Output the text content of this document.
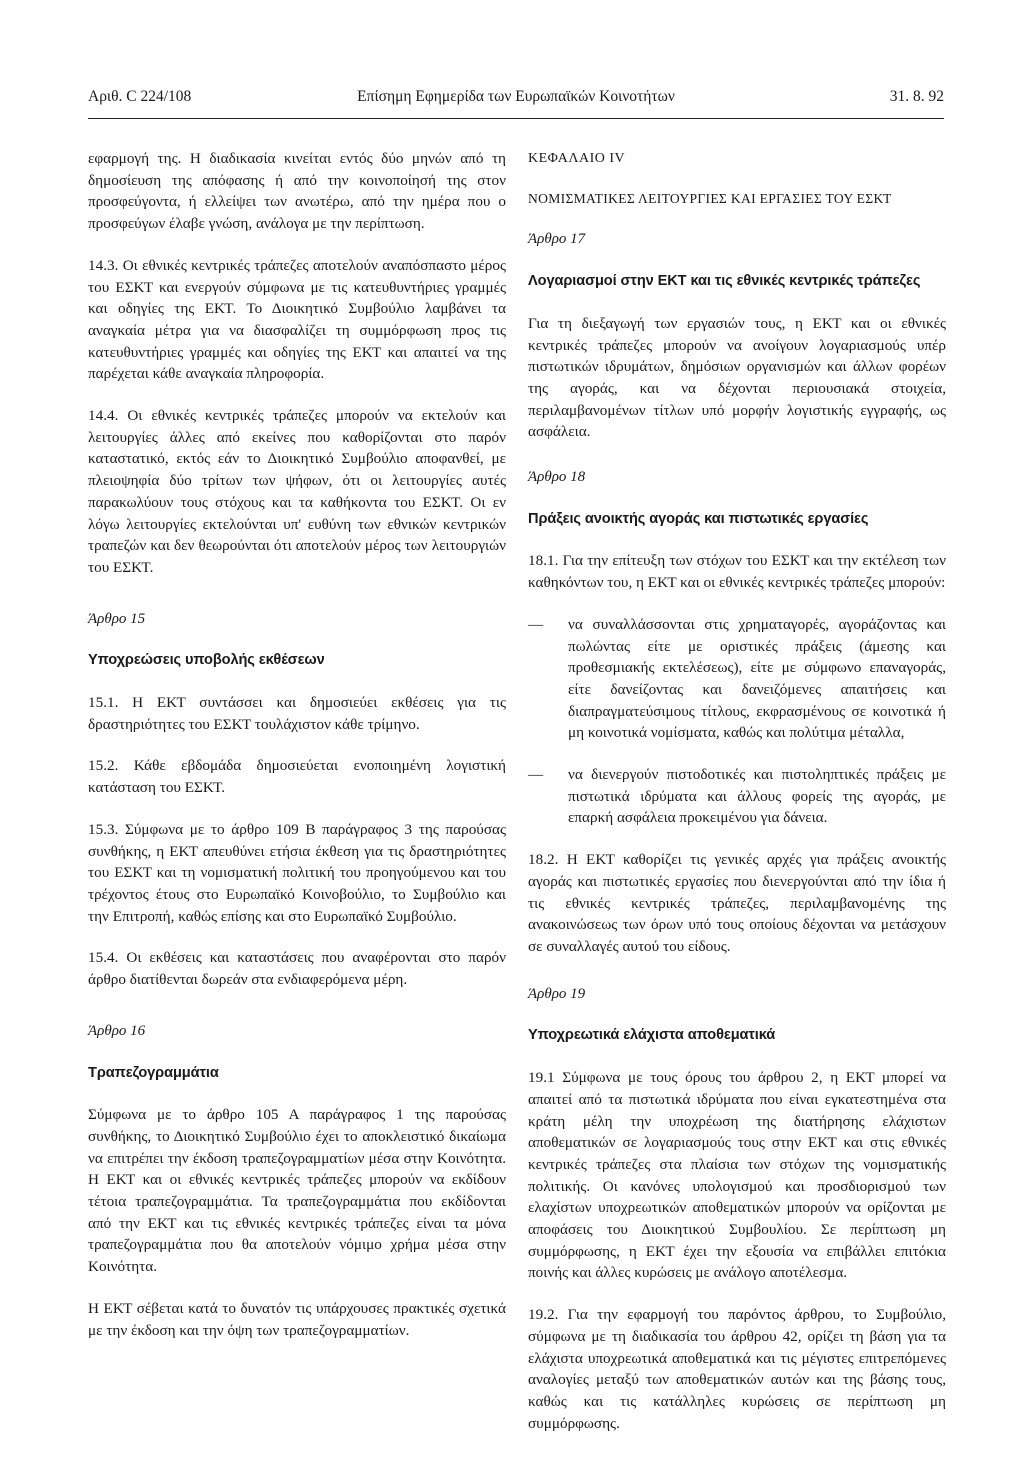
Αριθ. C 224/108	Επίσημη Εφημερίδα των Ευρωπαϊκών Κοινοτήτων	31. 8. 92

εφαρμογή της. Η διαδικασία κινείται εντός δύο μηνών από τη δημοσίευση της απόφασης ή από την κοινοποίησή της στον προσφεύγοντα, ή ελλείψει των ανωτέρω, από την ημέρα που ο προσφεύγων έλαβε γνώση, ανάλογα με την περίπτωση.

14.3. Οι εθνικές κεντρικές τράπεζες αποτελούν αναπόσπαστο μέρος του ΕΣΚΤ και ενεργούν σύμφωνα με τις κατευθυντήριες γραμμές και οδηγίες της ΕΚΤ. Το Διοικητικό Συμβούλιο λαμβάνει τα αναγκαία μέτρα για να διασφαλίζει τη συμμόρφωση προς τις κατευθυντήριες γραμμές και οδηγίες της ΕΚΤ και απαιτεί να της παρέχεται κάθε αναγκαία πληροφορία.

14.4. Οι εθνικές κεντρικές τράπεζες μπορούν να εκτελούν και λειτουργίες άλλες από εκείνες που καθορίζονται στο παρόν καταστατικό, εκτός εάν το Διοικητικό Συμβούλιο αποφανθεί, με πλειοψηφία δύο τρίτων των ψήφων, ότι οι λειτουργίες αυτές παρακωλύουν τους στόχους και τα καθήκοντα του ΕΣΚΤ. Οι εν λόγω λειτουργίες εκτελούνται υπ' ευθύνη των εθνικών κεντρικών τραπεζών και δεν θεωρούνται ότι αποτελούν μέρος των λειτουργιών του ΕΣΚΤ.

Άρθρο 15

Υποχρεώσεις υποβολής εκθέσεων

15.1. Η ΕΚΤ συντάσσει και δημοσιεύει εκθέσεις για τις δραστηριότητες του ΕΣΚΤ τουλάχιστον κάθε τρίμηνο.

15.2. Κάθε εβδομάδα δημοσιεύεται ενοποιημένη λογιστική κατάσταση του ΕΣΚΤ.

15.3. Σύμφωνα με το άρθρο 109 Β παράγραφος 3 της παρούσας συνθήκης, η ΕΚΤ απευθύνει ετήσια έκθεση για τις δραστηριότητες του ΕΣΚΤ και τη νομισματική πολιτική του προηγούμενου και του τρέχοντος έτους στο Ευρωπαϊκό Κοινοβούλιο, το Συμβούλιο και την Επιτροπή, καθώς επίσης και στο Ευρωπαϊκό Συμβούλιο.

15.4. Οι εκθέσεις και καταστάσεις που αναφέρονται στο παρόν άρθρο διατίθενται δωρεάν στα ενδιαφερόμενα μέρη.

Άρθρο 16

Τραπεζογραμμάτια

Σύμφωνα με το άρθρο 105 Α παράγραφος 1 της παρούσας συνθήκης, το Διοικητικό Συμβούλιο έχει το αποκλειστικό δικαίωμα να επιτρέπει την έκδοση τραπεζογραμματίων μέσα στην Κοινότητα. Η ΕΚΤ και οι εθνικές κεντρικές τράπεζες μπορούν να εκδίδουν τέτοια τραπεζογραμμάτια. Τα τραπεζογραμμάτια που εκδίδονται από την ΕΚΤ και τις εθνικές κεντρικές τράπεζες είναι τα μόνα τραπεζογραμμάτια που θα αποτελούν νόμιμο χρήμα μέσα στην Κοινότητα.

Η ΕΚΤ σέβεται κατά το δυνατόν τις υπάρχουσες πρακτικές σχετικά με την έκδοση και την όψη των τραπεζογραμματίων.

ΚΕΦΑΛΑΙΟ IV

ΝΟΜΙΣΜΑΤΙΚΕΣ ΛΕΙΤΟΥΡΓΙΕΣ ΚΑΙ ΕΡΓΑΣΙΕΣ ΤΟΥ ΕΣΚΤ

Άρθρο 17

Λογαριασμοί στην ΕΚΤ και τις εθνικές κεντρικές τράπεζες

Για τη διεξαγωγή των εργασιών τους, η ΕΚΤ και οι εθνικές κεντρικές τράπεζες μπορούν να ανοίγουν λογαριασμούς υπέρ πιστωτικών ιδρυμάτων, δημόσιων οργανισμών και άλλων φορέων της αγοράς, και να δέχονται περιουσιακά στοιχεία, περιλαμβανομένων τίτλων υπό μορφήν λογιστικής εγγραφής, ως ασφάλεια.

Άρθρο 18

Πράξεις ανοικτής αγοράς και πιστωτικές εργασίες

18.1. Για την επίτευξη των στόχων του ΕΣΚΤ και την εκτέλεση των καθηκόντων του, η ΕΚΤ και οι εθνικές κεντρικές τράπεζες μπορούν:

—	να συναλλάσσονται στις χρηματαγορές, αγοράζοντας και πωλώντας είτε με οριστικές πράξεις (άμεσης και προθεσμιακής εκτελέσεως), είτε με σύμφωνο επαναγοράς, είτε δανείζοντας και δανειζόμενες απαιτήσεις και διαπραγματεύσιμους τίτλους, εκφρασμένους σε κοινοτικά ή μη κοινοτικά νομίσματα, καθώς και πολύτιμα μέταλλα,
—	να διενεργούν πιστοδοτικές και πιστοληπτικές πράξεις με πιστωτικά ιδρύματα και άλλους φορείς της αγοράς, με επαρκή ασφάλεια προκειμένου για δάνεια.

18.2. Η ΕΚΤ καθορίζει τις γενικές αρχές για πράξεις ανοικτής αγοράς και πιστωτικές εργασίες που διενεργούνται από την ίδια ή τις εθνικές κεντρικές τράπεζες, περιλαμβανομένης της ανακοινώσεως των όρων υπό τους οποίους δέχονται να μετάσχουν σε συναλλαγές αυτού του είδους.

Άρθρο 19

Υποχρεωτικά ελάχιστα αποθεματικά

19.1 Σύμφωνα με τους όρους του άρθρου 2, η ΕΚΤ μπορεί να απαιτεί από τα πιστωτικά ιδρύματα που είναι εγκατεστημένα στα κράτη μέλη την υποχρέωση της διατήρησης ελάχιστων αποθεματικών σε λογαριασμούς τους στην ΕΚΤ και στις εθνικές κεντρικές τράπεζες στα πλαίσια των στόχων της νομισματικής πολιτικής. Οι κανόνες υπολογισμού και προσδιορισμού των ελαχίστων υποχρεωτικών αποθεματικών μπορούν να ορίζονται με αποφάσεις του Διοικητικού Συμβουλίου. Σε περίπτωση μη συμμόρφωσης, η ΕΚΤ έχει την εξουσία να επιβάλλει επιτόκια ποινής και άλλες κυρώσεις με ανάλογο αποτέλεσμα.

19.2. Για την εφαρμογή του παρόντος άρθρου, το Συμβούλιο, σύμφωνα με τη διαδικασία του άρθρου 42, ορίζει τη βάση για τα ελάχιστα υποχρεωτικά αποθεματικά και τις μέγιστες επιτρεπόμενες αναλογίες μεταξύ των αποθεματικών αυτών και της βάσης τους, καθώς και τις κατάλληλες κυρώσεις σε περίπτωση μη συμμόρφωσης.
